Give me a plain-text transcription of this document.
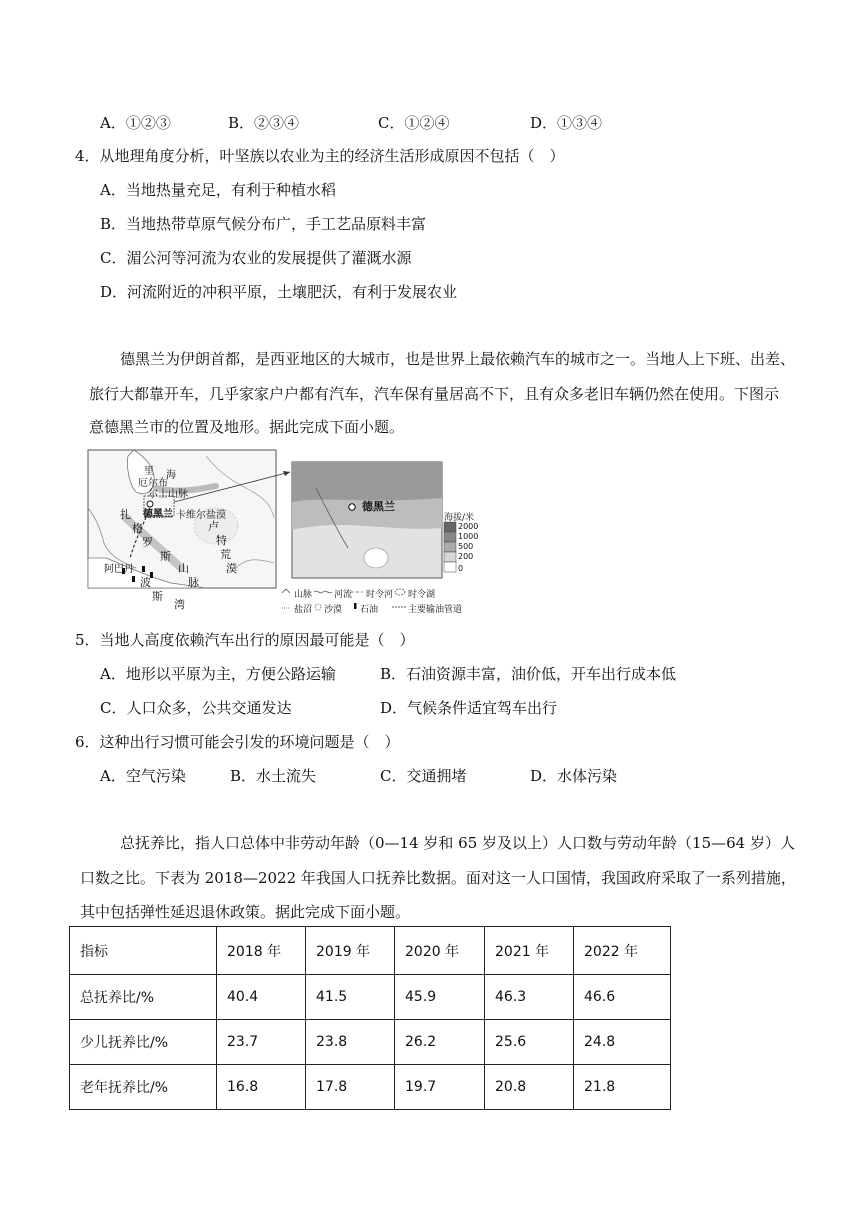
A．①②③	B．②③④	C．①②④	D．①③④
4．从地理角度分析，叶坚族以农业为主的经济生活形成原因不包括（　）
A．当地热量充足，有利于种植水稻
B．当地热带草原气候分布广，手工艺品原料丰富
C．湄公河等河流为农业的发展提供了灌溉水源
D．河流附近的冲积平原，土壤肥沃，有利于发展农业
德黑兰为伊朗首都，是西亚地区的大城市，也是世界上最依赖汽车的城市之一。当地人上下班、出差、
旅行大都靠开车，几乎家家户户都有汽车，汽车保有量居高不下，且有众多老旧车辆仍然在使用。下图示
意德黑兰市的位置及地形。据此完成下面小题。
里 海
厄尔布
尔士山脉
德黑兰 卡维尔盐漠
扎
格
罗
斯
山
脉
卢
特
荒
漠
阿巴丹
波
斯
湾
德黑兰
海拔/米
2000
1000
500
200
0
山脉 河流 时令河 时令湖
盐沼 沙漠 石油	主要输油管道
5．当地人高度依赖汽车出行的原因最可能是（　）
A．地形以平原为主，方便公路运输	B．石油资源丰富，油价低，开车出行成本低
C．人口众多，公共交通发达	D．气候条件适宜驾车出行
6．这种出行习惯可能会引发的环境问题是（　）
A．空气污染	B．水土流失	C．交通拥堵	D．水体污染
总抚养比，指人口总体中非劳动年龄（0—14 岁和 65 岁及以上）人口数与劳动年龄（15—64 岁）人
口数之比。下表为 2018—2022 年我国人口抚养比数据。面对这一人口国情，我国政府采取了一系列措施，
其中包括弹性延迟退休政策。据此完成下面小题。
指标	2018 年	2019 年	2020 年	2021 年	2022 年
总抚养比/%	40.4	41.5	45.9	46.3	46.6
少儿抚养比/%	23.7	23.8	26.2	25.6	24.8
老年抚养比/%	16.8	17.8	19.7	20.8	21.8
